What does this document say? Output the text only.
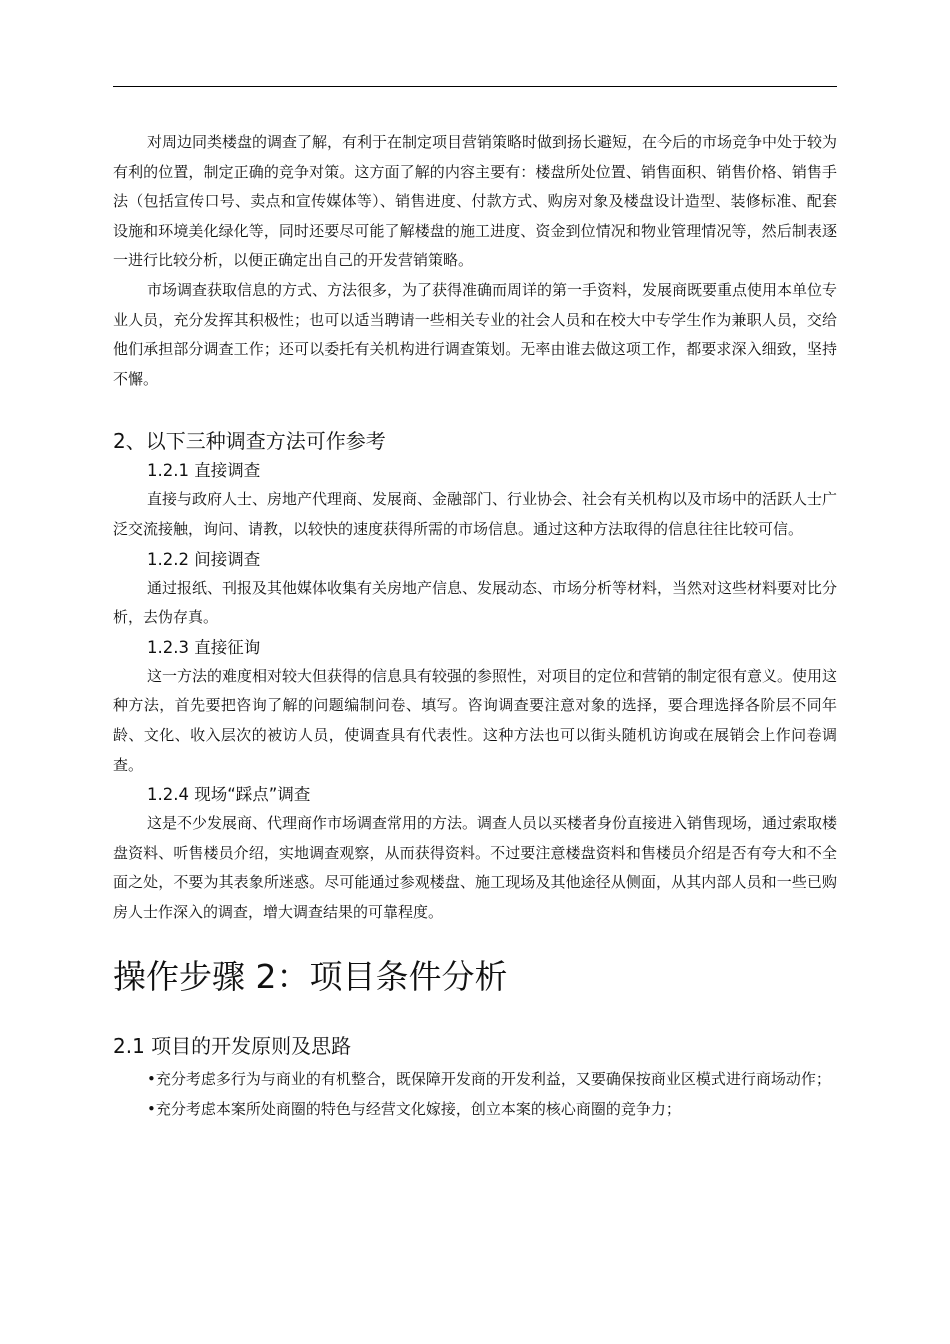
对周边同类楼盘的调查了解，有利于在制定项目营销策略时做到扬长避短，在今后的市场竞争中处于较为有利的位置，制定正确的竞争对策。这方面了解的内容主要有：楼盘所处位置、销售面积、销售价格、销售手法（包括宣传口号、卖点和宣传媒体等）、销售进度、付款方式、购房对象及楼盘设计造型、装修标准、配套设施和环境美化绿化等，同时还要尽可能了解楼盘的施工进度、资金到位情况和物业管理情况等，然后制表逐一进行比较分析，以便正确定出自己的开发营销策略。

市场调查获取信息的方式、方法很多，为了获得准确而周详的第一手资料，发展商既要重点使用本单位专业人员，充分发挥其积极性；也可以适当聘请一些相关专业的社会人员和在校大中专学生作为兼职人员，交给他们承担部分调查工作；还可以委托有关机构进行调查策划。无率由谁去做这项工作，都要求深入细致，坚持不懈。

2、以下三种调查方法可作参考
1.2.1 直接调查

直接与政府人士、房地产代理商、发展商、金融部门、行业协会、社会有关机构以及市场中的活跃人士广泛交流接触，询问、请教，以较快的速度获得所需的市场信息。通过这种方法取得的信息往往比较可信。

1.2.2 间接调查

通过报纸、刊报及其他媒体收集有关房地产信息、发展动态、市场分析等材料，当然对这些材料要对比分析，去伪存真。

1.2.3 直接征询

这一方法的难度相对较大但获得的信息具有较强的参照性，对项目的定位和营销的制定很有意义。使用这种方法，首先要把咨询了解的问题编制问卷、填写。咨询调查要注意对象的选择，要合理选择各阶层不同年龄、文化、收入层次的被访人员，使调查具有代表性。这种方法也可以街头随机访询或在展销会上作问卷调查。

1.2.4 现场“踩点”调查

这是不少发展商、代理商作市场调查常用的方法。调查人员以买楼者身份直接进入销售现场，通过索取楼盘资料、听售楼员介绍，实地调查观察，从而获得资料。不过要注意楼盘资料和售楼员介绍是否有夸大和不全面之处，不要为其表象所迷惑。尽可能通过参观楼盘、施工现场及其他途径从侧面，从其内部人员和一些已购房人士作深入的调查，增大调查结果的可靠程度。

操作步骤 2：项目条件分析
2.1 项目的开发原则及思路

•充分考虑多行为与商业的有机整合，既保障开发商的开发利益，又要确保按商业区模式进行商场动作；

•充分考虑本案所处商圈的特色与经营文化嫁接，创立本案的核心商圈的竞争力；
